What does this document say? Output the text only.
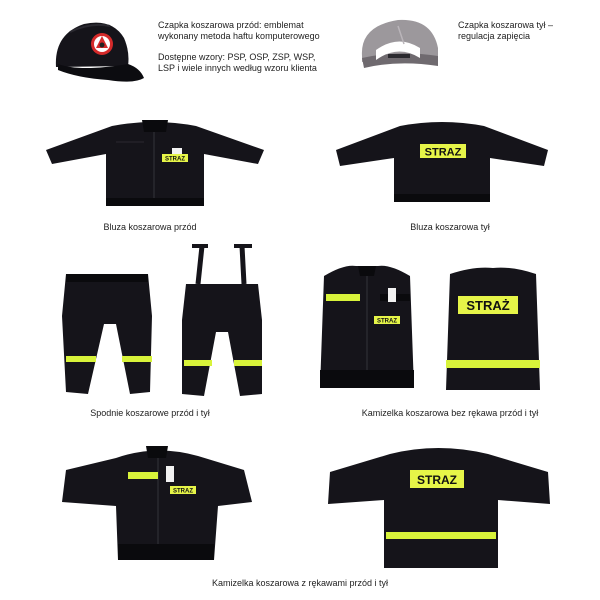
Czapka koszarowa przód: emblemat
wykonany metoda haftu komputerowego
Dostępne wzory: PSP, OSP, ZSP, WSP,
LSP i wiele innych według wzoru klienta
Czapka koszarowa tył –
regulacja zapięcia
STRAZ
Bluza koszarowa przód
STRAZ
Bluza koszarowa tył
Spodnie koszarowe przód i tył
STRAZ
STRAŻ
Kamizelka koszarowa bez rękawa przód i tył
STRAZ
STRAZ
Kamizelka koszarowa z rękawami przód i tył
